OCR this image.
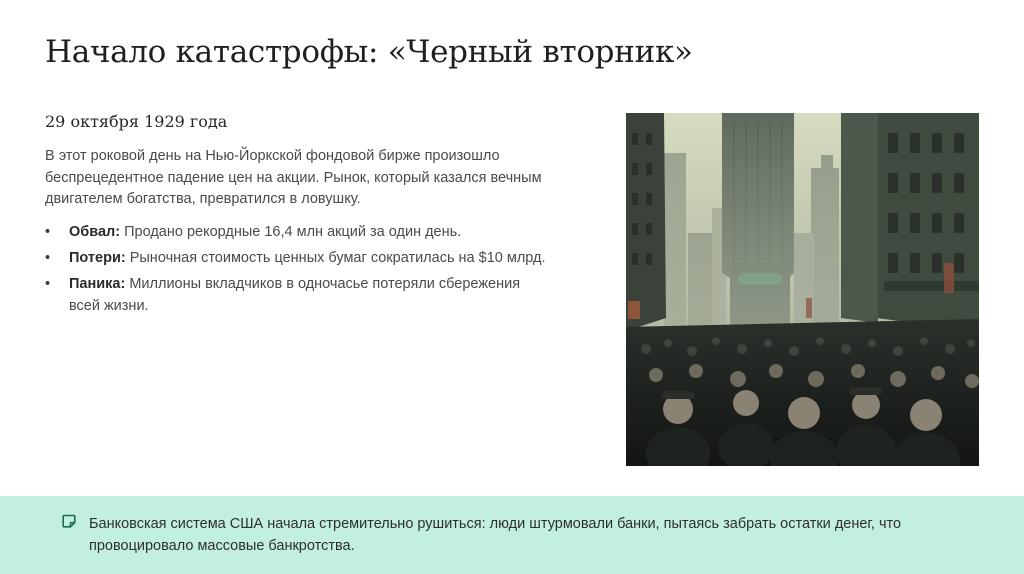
Начало катастрофы: «Черный вторник»
29 октября 1929 года

В этот роковой день на Нью-Йоркской фондовой бирже произошло беспрецедентное падение цен на акции. Рынок, который казался вечным двигателем богатства, превратился в ловушку.

• Обвал: Продано рекордные 16,4 млн акций за один день.
• Потери: Рыночная стоимость ценных бумаг сократилась на $10 млрд.
• Паника: Миллионы вкладчиков в одночасье потеряли сбережения всей жизни.

Банковская система США начала стремительно рушиться: люди штурмовали банки, пытаясь забрать остатки денег, что провоцировало массовые банкротства.
